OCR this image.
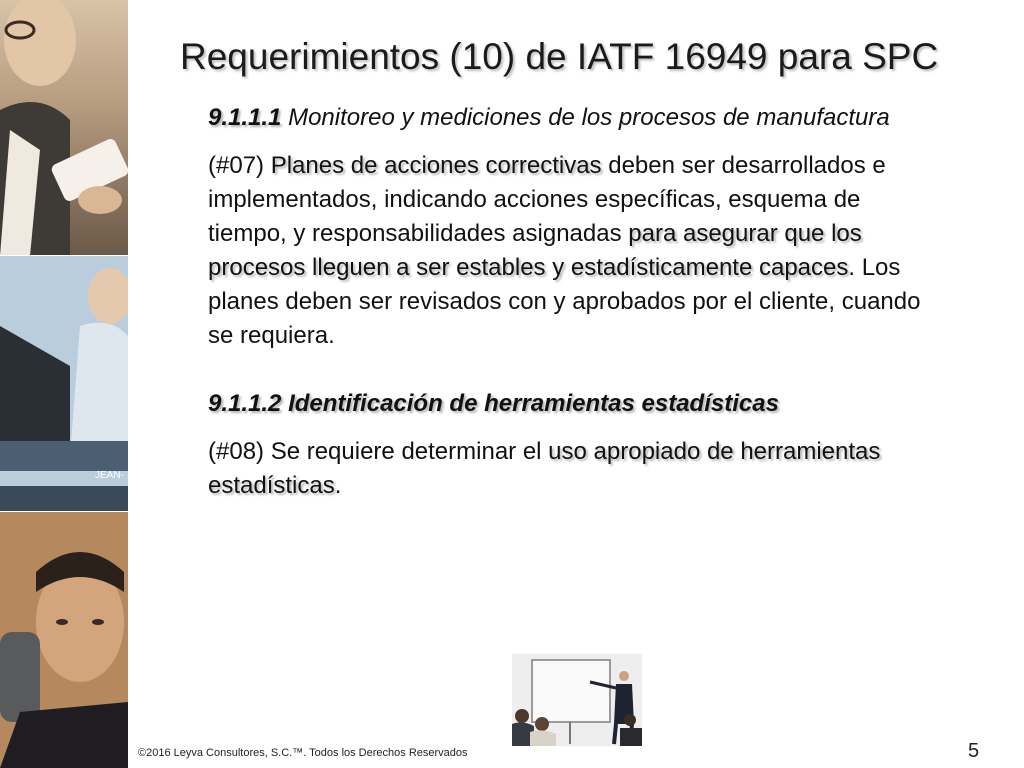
JEAN-
Requerimientos (10) de IATF 16949 para SPC

9.1.1.1 Monitoreo y mediciones de los procesos de manufactura

(#07) Planes de acciones correctivas deben ser desarrollados e implementados, indicando acciones específicas, esquema de tiempo, y responsabilidades asignadas para asegurar que los procesos lleguen a ser estables y estadísticamente capaces. Los planes deben ser revisados con y aprobados por el cliente, cuando se requiera.

9.1.1.2 Identificación de herramientas estadísticas

(#08) Se requiere determinar el uso apropiado de herramientas estadísticas.

©2016 Leyva Consultores, S.C.™. Todos los Derechos Reservados	5
